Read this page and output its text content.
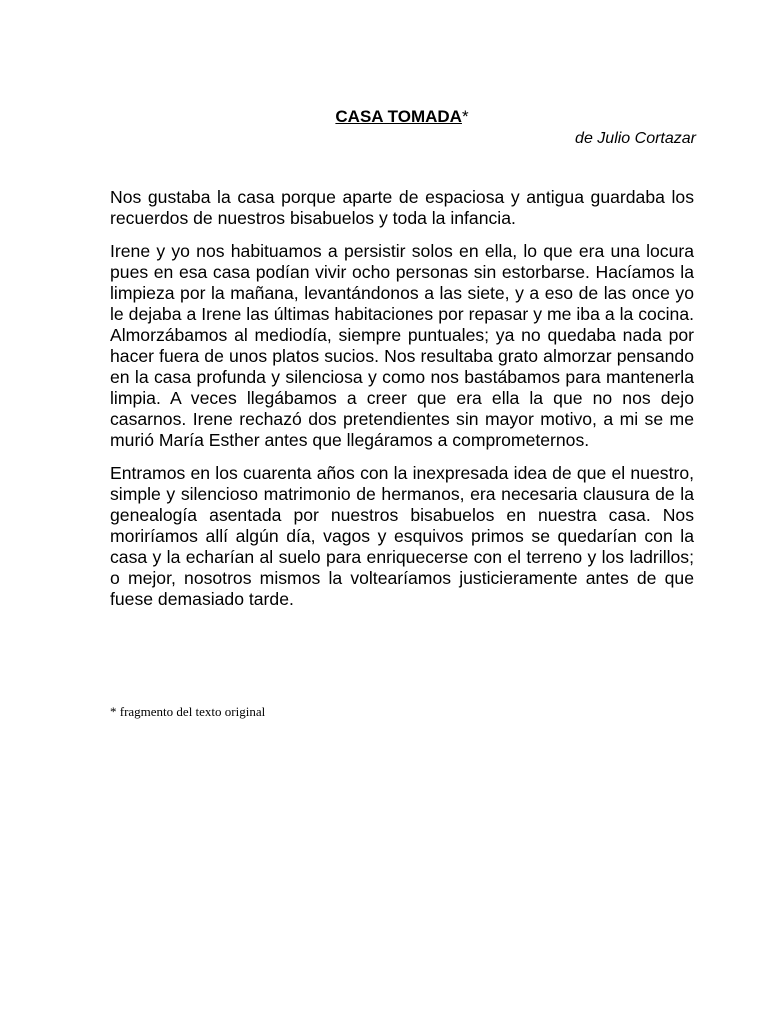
CASA TOMADA*
de Julio Cortazar

Nos gustaba la casa porque aparte de espaciosa y antigua guardaba los recuerdos de nuestros bisabuelos y toda la infancia.

Irene y yo nos habituamos a persistir solos en ella, lo que era una locura pues en esa casa podían vivir ocho personas sin estorbarse. Hacíamos la limpieza por la mañana, levantándonos a las siete, y a eso de las once yo le dejaba a Irene las últimas habitaciones por repasar y me iba a la cocina. Almorzábamos al mediodía, siempre puntuales; ya no quedaba nada por hacer fuera de unos platos sucios. Nos resultaba grato almorzar pensando en la casa profunda y silenciosa y como nos bastábamos para mantenerla limpia. A veces llegábamos a creer que era ella la que no nos dejo casarnos. Irene rechazó dos pretendientes sin mayor motivo, a mi se me murió María Esther antes que llegáramos a comprometernos.

Entramos en los cuarenta años con la inexpresada idea de que el nuestro, simple y silencioso matrimonio de hermanos, era necesaria clausura de la genealogía asentada por nuestros bisabuelos en nuestra casa. Nos moriríamos allí algún día, vagos y esquivos primos se quedarían con la casa y la echarían al suelo para enriquecerse con el terreno y los ladrillos; o mejor, nosotros mismos la voltearíamos justicieramente antes de que fuese demasiado tarde.

* fragmento del texto original
